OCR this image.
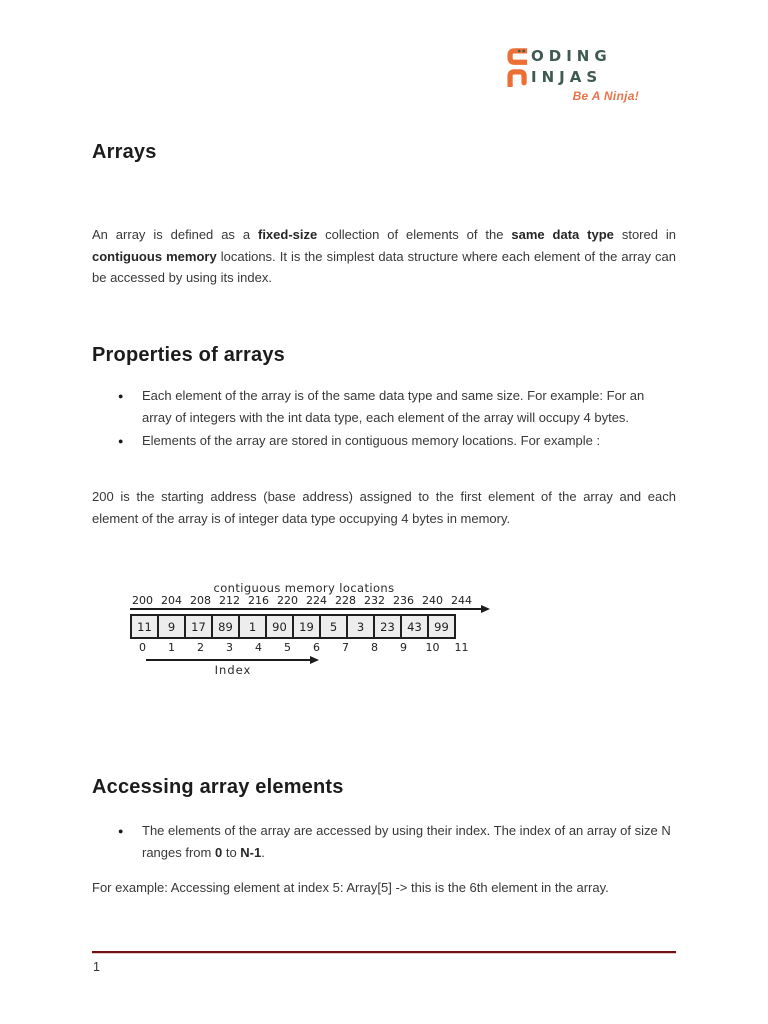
ODING
INJAS
Be A Ninja!
Arrays

An array is defined as a fixed-size collection of elements of the same data type stored in contiguous memory locations. It is the simplest data structure where each element of the array can be accessed by using its index.

Properties of arrays
● Each element of the array is of the same data type and same size. For example: For an array of integers with the int data type, each element of the array will occupy 4 bytes.
● Elements of the array are stored in contiguous memory locations. For example :

200 is the starting address (base address) assigned to the first element of the array and each element of the array is of integer data type occupying 4 bytes in memory.

contiguous memory locations
200 204 208 212 216 220 224 228 232 236 240 244
11	9	17	89	1	90	19	5	3	23	43	99
0	1	2	3	4	5	6	7	8	9	10	11
Index
Accessing array elements
● The elements of the array are accessed by using their index. The index of an array of size N ranges from 0 to N-1.

For example: Accessing element at index 5: Array[5] -> this is the 6th element in the array.

1
